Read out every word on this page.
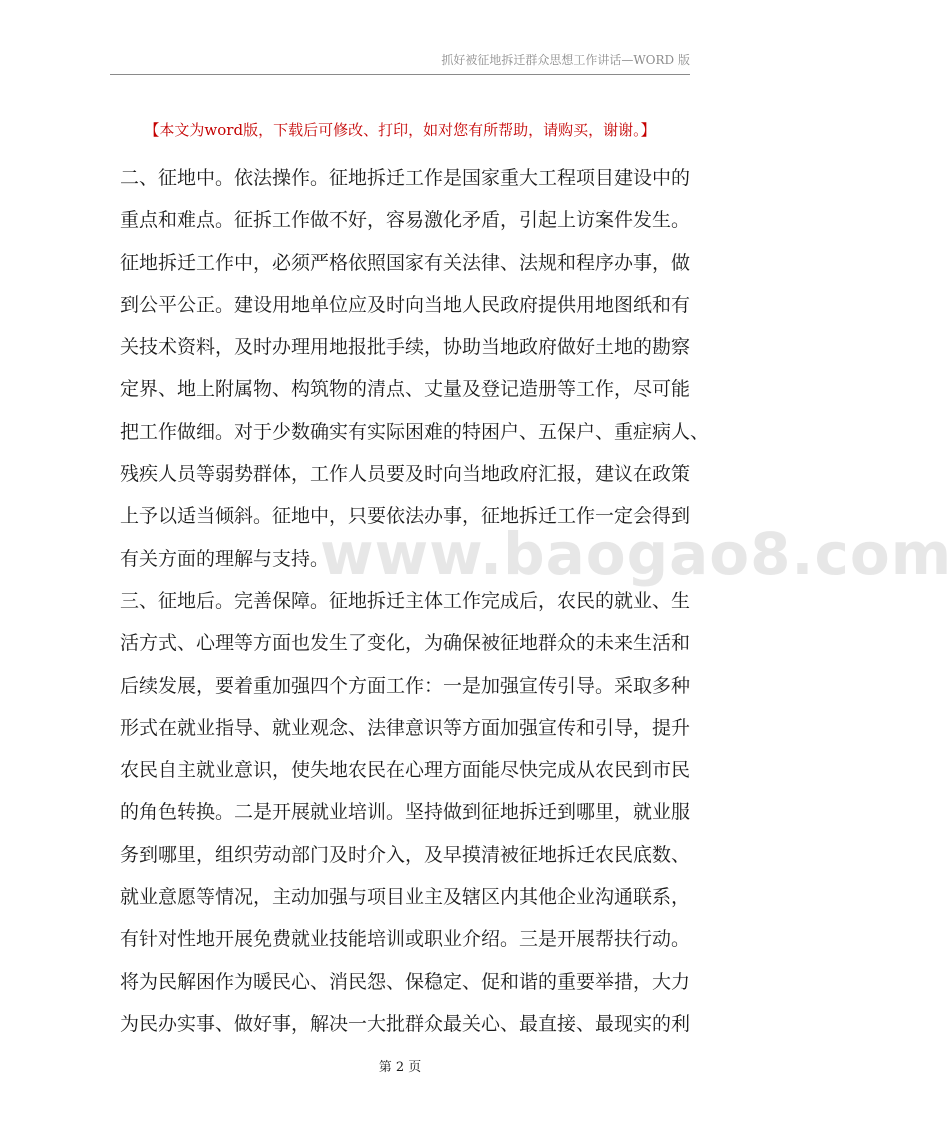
抓好被征地拆迁群众思想工作讲话—WORD 版
【本文为word版，下载后可修改、打印，如对您有所帮助，请购买，谢谢。】
二、征地中。依法操作。征地拆迁工作是国家重大工程项目建设中的
重点和难点。征拆工作做不好，容易激化矛盾，引起上访案件发生。
征地拆迁工作中，必须严格依照国家有关法律、法规和程序办事，做
到公平公正。建设用地单位应及时向当地人民政府提供用地图纸和有
关技术资料，及时办理用地报批手续，协助当地政府做好土地的勘察
定界、地上附属物、构筑物的清点、丈量及登记造册等工作，尽可能
把工作做细。对于少数确实有实际困难的特困户、五保户、重症病人、
残疾人员等弱势群体，工作人员要及时向当地政府汇报，建议在政策
上予以适当倾斜。征地中，只要依法办事，征地拆迁工作一定会得到
有关方面的理解与支持。
三、征地后。完善保障。征地拆迁主体工作完成后，农民的就业、生
活方式、心理等方面也发生了变化，为确保被征地群众的未来生活和
后续发展，要着重加强四个方面工作：一是加强宣传引导。采取多种
形式在就业指导、就业观念、法律意识等方面加强宣传和引导，提升
农民自主就业意识，使失地农民在心理方面能尽快完成从农民到市民
的角色转换。二是开展就业培训。坚持做到征地拆迁到哪里，就业服
务到哪里，组织劳动部门及时介入，及早摸清被征地拆迁农民底数、
就业意愿等情况，主动加强与项目业主及辖区内其他企业沟通联系，
有针对性地开展免费就业技能培训或职业介绍。三是开展帮扶行动。
将为民解困作为暖民心、消民怨、保稳定、促和谐的重要举措，大力
为民办实事、做好事，解决一大批群众最关心、最直接、最现实的利
www.baogao8.com
第 2 页
